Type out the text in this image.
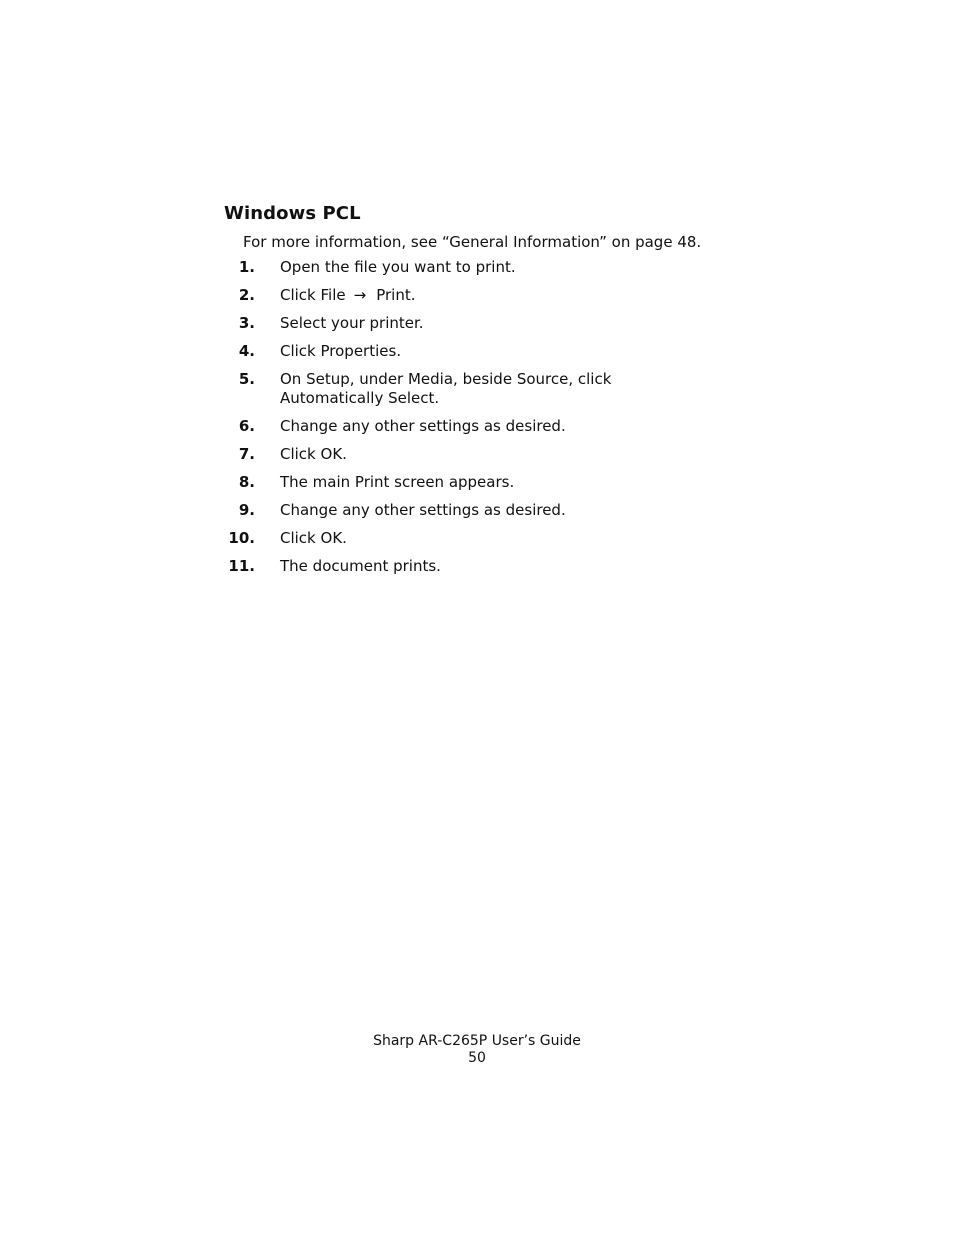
Windows PCL

For more information, see “General Information” on page 48.

1. Open the file you want to print.
2. Click File → Print.
3. Select your printer.
4. Click Properties.
5. On Setup, under Media, beside Source, click Automatically Select.
6. Change any other settings as desired.
7. Click OK.
8. The main Print screen appears.
9. Change any other settings as desired.
10. Click OK.
11. The document prints.
Sharp AR-C265P User’s Guide
50
